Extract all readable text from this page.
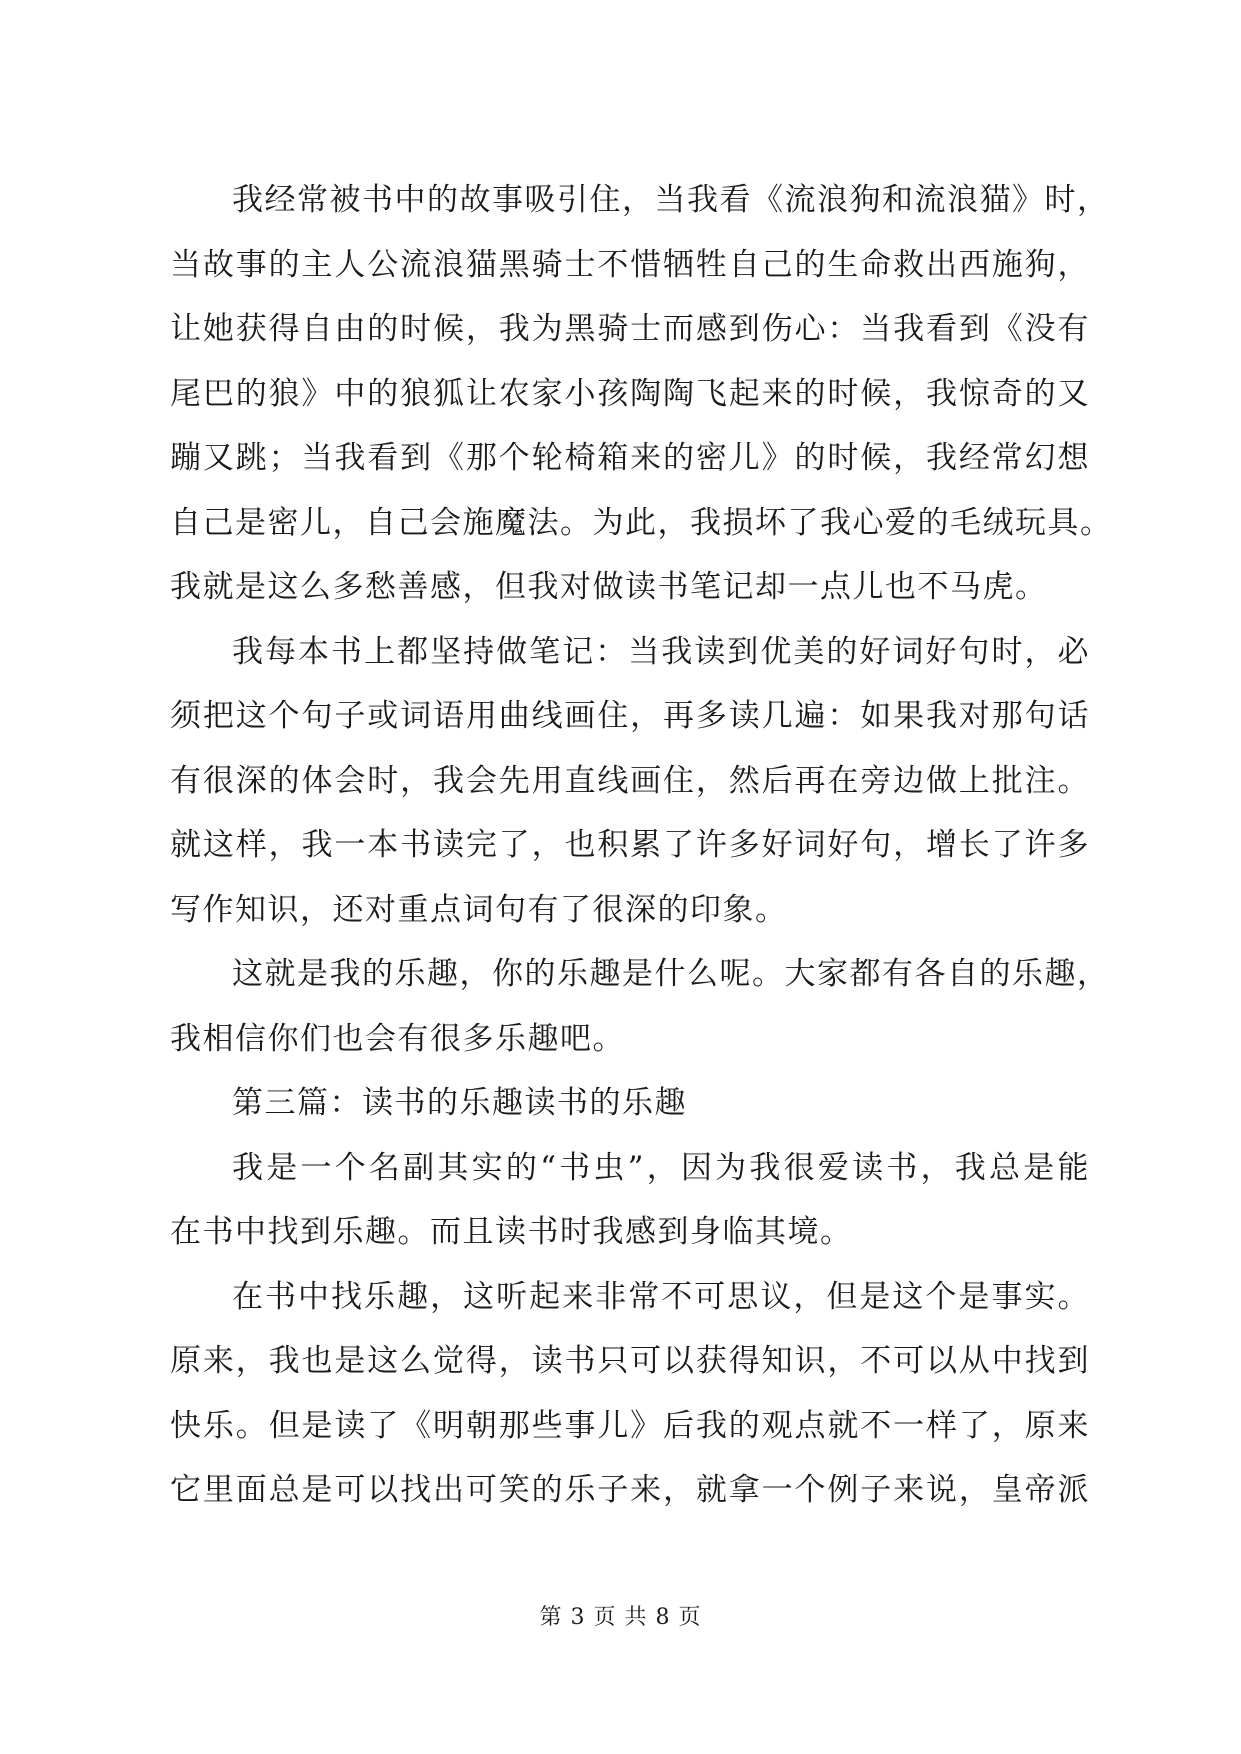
我经常被书中的故事吸引住，当我看《流浪狗和流浪猫》时，
当故事的主人公流浪猫黑骑士不惜牺牲自己的生命救出西施狗，
让她获得自由的时候，我为黑骑士而感到伤心：当我看到《没有
尾巴的狼》中的狼狐让农家小孩陶陶飞起来的时候，我惊奇的又
蹦又跳；当我看到《那个轮椅箱来的密儿》的时候，我经常幻想
自己是密儿，自己会施魔法。为此，我损坏了我心爱的毛绒玩具。
我就是这么多愁善感，但我对做读书笔记却一点儿也不马虎。

我每本书上都坚持做笔记：当我读到优美的好词好句时，必
须把这个句子或词语用曲线画住，再多读几遍：如果我对那句话
有很深的体会时，我会先用直线画住，然后再在旁边做上批注。
就这样，我一本书读完了，也积累了许多好词好句，增长了许多
写作知识，还对重点词句有了很深的印象。

这就是我的乐趣，你的乐趣是什么呢。大家都有各自的乐趣，
我相信你们也会有很多乐趣吧。

第三篇：读书的乐趣读书的乐趣

我是一个名副其实的“书虫”，因为我很爱读书，我总是能
在书中找到乐趣。而且读书时我感到身临其境。

在书中找乐趣，这听起来非常不可思议，但是这个是事实。
原来，我也是这么觉得，读书只可以获得知识，不可以从中找到
快乐。但是读了《明朝那些事儿》后我的观点就不一样了，原来
它里面总是可以找出可笑的乐子来，就拿一个例子来说，皇帝派

第 3 页 共 8 页
